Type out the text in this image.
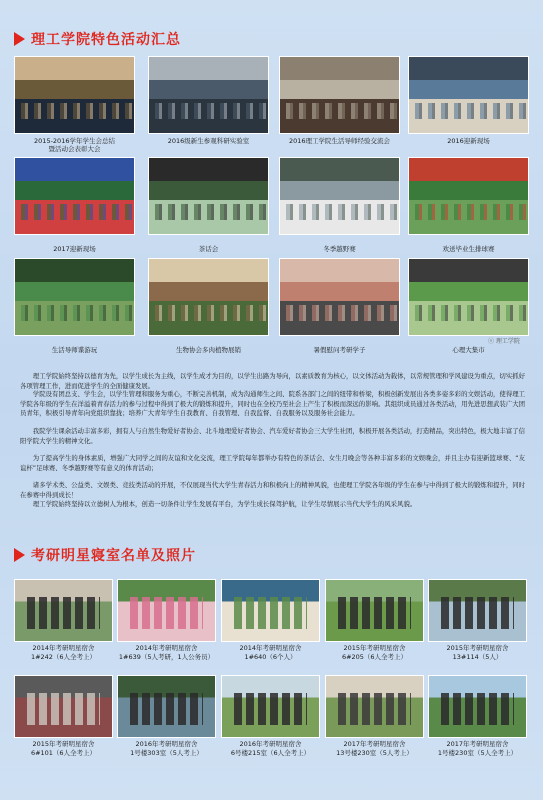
理工学院特色活动汇总
2015-2016学年学生会总结
暨活动会表彰大会
2016级新生参观科研实验室	2016理工学院生活导师经验交流会	2016迎新现场
2017迎新现场	茶话会	冬季越野赛	欢送毕业生排球赛
生活导师谍游玩	生物协会多肉植物展销	暑假慰问考研学子	心理大集市

理工学院始终坚持以德育为先，以学生成长为主线，以学生成才为目的，以学生出路为导向，以素质教育为核心，以文体活动为载体，以常规管理和学风建设为重点，切实抓好各项管理工作，进而促进学生的全面健康发展。

学院设有团总支、学生会，以学生管理和服务为重心，不断完善机制，成为沟通师生之间、院系各部门之间的纽带和桥梁，积极创新发展出各类多姿多彩的文娱活动，使得理工学院各年级的学生在洋溢着青春活力的参与过程中得到了极大的锻炼和提升，同时也在全校乃至社会上产生了积极而深远的影响。其组织成员通过各类活动，用先进思想武装广大团员青年，积极引导青年向党组织靠拢；培养广大青年学生自我教育、自我管理、自我监督、自我服务以及服务社会能力。

我院学生课余活动丰富多彩，拥有人与自然生物爱好者协会、北斗地理爱好者协会、汽车爱好者协会三大学生社团，积极开展各类活动，打造精品，突出特色，极大地丰富了信阳学院大学生的精神文化。

为了提高学生的身体素质，增强广大同学之间的友谊和文化交流，理工学院每年都举办有特色的茶话会、女生月晚会等各种丰富多彩的文娱晚会，并且主办有迎新篮球赛、“友谊杯”足球赛、冬季越野赛等有意义的体育活动；

诸多学术类、公益类、文娱类、竞技类活动的开展，不仅展现当代大学生青春活力和积极向上的精神风貌，也使理工学院各年级的学生在参与中得到了极大的锻炼和提升，同时在参赛中得到成长！

理工学院始终坚持以立德树人为根本，创造一切条件让学生发展有平台，为学生成长保驾护航，让学生尽情展示当代大学生的风采风貌。

考研明星寝室名单及照片
2014年考研明星宿舍
1#242（6人全考上）
2014年考研明星宿舍
1#639（5人考研，1人公务员）
2014年考研明星宿舍
1#640（6个人）
2015年考研明星宿舍
6#205（6人全考上）
2015年考研明星宿舍
13#114（5人）
2015年考研明星宿舍
6#101（6人全考上）
2016年考研明星宿舍
1号楼303室（5人考上）
2016年考研明星宿舍
6号楼215室（6人全考上）
2017年考研明星宿舍
13号楼230室（5人考上）
2017年考研明星宿舍
1号楼230室（5人全考上）
ⓢ 理工学院
